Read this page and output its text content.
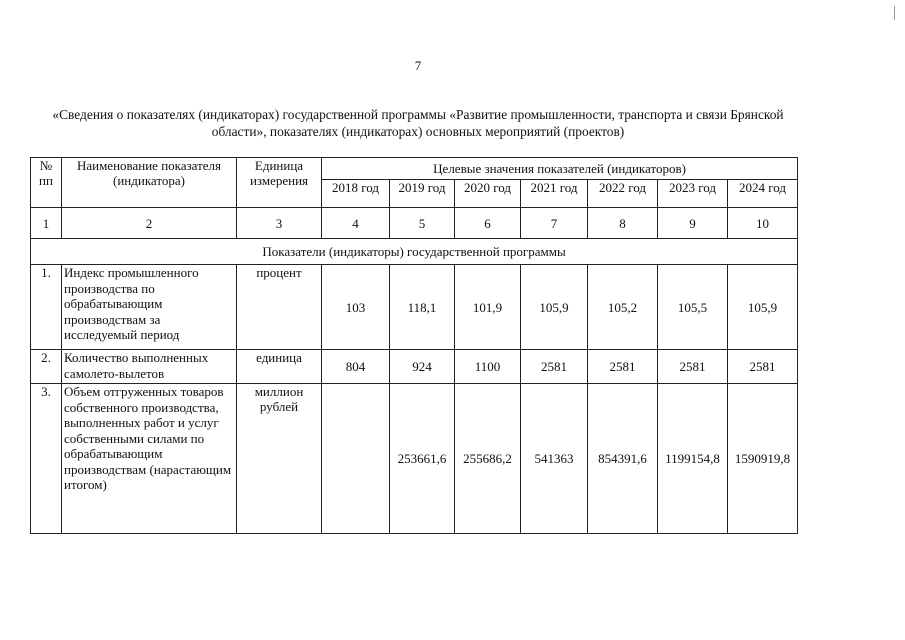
7
«Сведения о показателях (индикаторах) государственной программы «Развитие промышленности, транспорта и связи Брянской области», показателях (индикаторах) основных мероприятий (проектов)
№ пп	Наименование показателя (индикатора)	Единица измерения	Целевые значения показателей (индикаторов)						
			2018 год	2019 год	2020 год	2021 год	2022 год	2023 год	2024 год
1	2	3	4	5	6	7	8	9	10
Показатели (индикаторы) государственной программы									
1.	Индекс промышленного производства по обрабатывающим производствам за исследуемый период	процент	103	118,1	101,9	105,9	105,2	105,5	105,9
2.	Количество выполненных самолето-вылетов	единица	804	924	1100	2581	2581	2581	2581
3.	Объем отгруженных товаров собственного производства, выполненных работ и услуг собственными силами по обрабатывающим производствам (нарастающим итогом)	миллион рублей		253661,6	255686,2	541363	854391,6	1199154,8	1590919,8
